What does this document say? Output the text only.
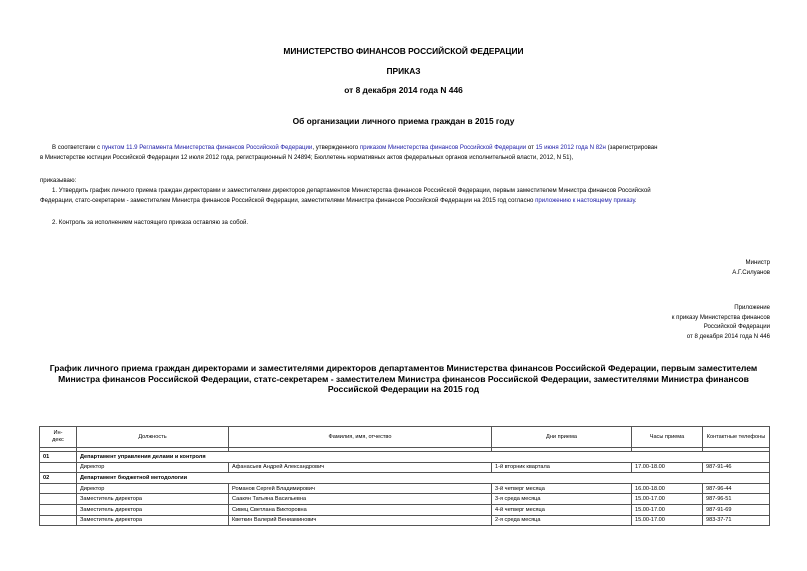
МИНИСТЕРСТВО ФИНАНСОВ РОССИЙСКОЙ ФЕДЕРАЦИИ
ПРИКАЗ
от 8 декабря 2014 года N 446
Об организации личного приема граждан в 2015 году
В соответствии с пунктом 11.9 Регламента Министерства финансов Российской Федерации, утвержденного приказом Министерства финансов Российской Федерации от 15 июня 2012 года N 82н (зарегистрирован
в Министерстве юстиции Российской Федерации 12 июля 2012 года, регистрационный N 24894; Бюллетень нормативных актов федеральных органов исполнительной власти, 2012, N 51),
приказываю:
1. Утвердить график личного приема граждан директорами и заместителями директоров департаментов Министерства финансов Российской Федерации, первым заместителем Министра финансов Российской
Федерации, статс-секретарем - заместителем Министра финансов Российской Федерации, заместителями Министра финансов Российской Федерации на 2015 год согласно приложению к настоящему приказу.
2. Контроль за исполнением настоящего приказа оставляю за собой.
Министр
А.Г.Силуанов
Приложение
к приказу Министерства финансов
Российской Федерации
от 8 декабря 2014 года N 446
График личного приема граждан директорами и заместителями директоров департаментов Министерства финансов Российской Федерации, первым заместителем
Министра финансов Российской Федерации, статс-секретарем - заместителем Министра финансов Российской Федерации, заместителями Министра финансов
Российской Федерации на 2015 год
Ин-
декс	Должность	Фамилия, имя, отчество	Дни приема	Часы приема	Контактные телефоны

01	Департамент управления делами и контроля				
	Директор	Афанасьев Андрей Александрович	1-й вторник квартала	17.00-18.00	987-91-46
02	Департамент бюджетной методологии				
	Директор	Романов Сергей Владимирович	3-й четверг месяца	16.00-18.00	987-96-44
	Заместитель директора	Саакян Татьяна Васильевна	3-я среда месяца	15.00-17.00	987-96-51
	Заместитель директора	Сивец Светлана Викторовна	4-й четверг месяца	15.00-17.00	987-91-69
	Заместитель директора	Кветкин Валерий Вениаминович	2-я среда месяца	15.00-17.00	983-37-71
